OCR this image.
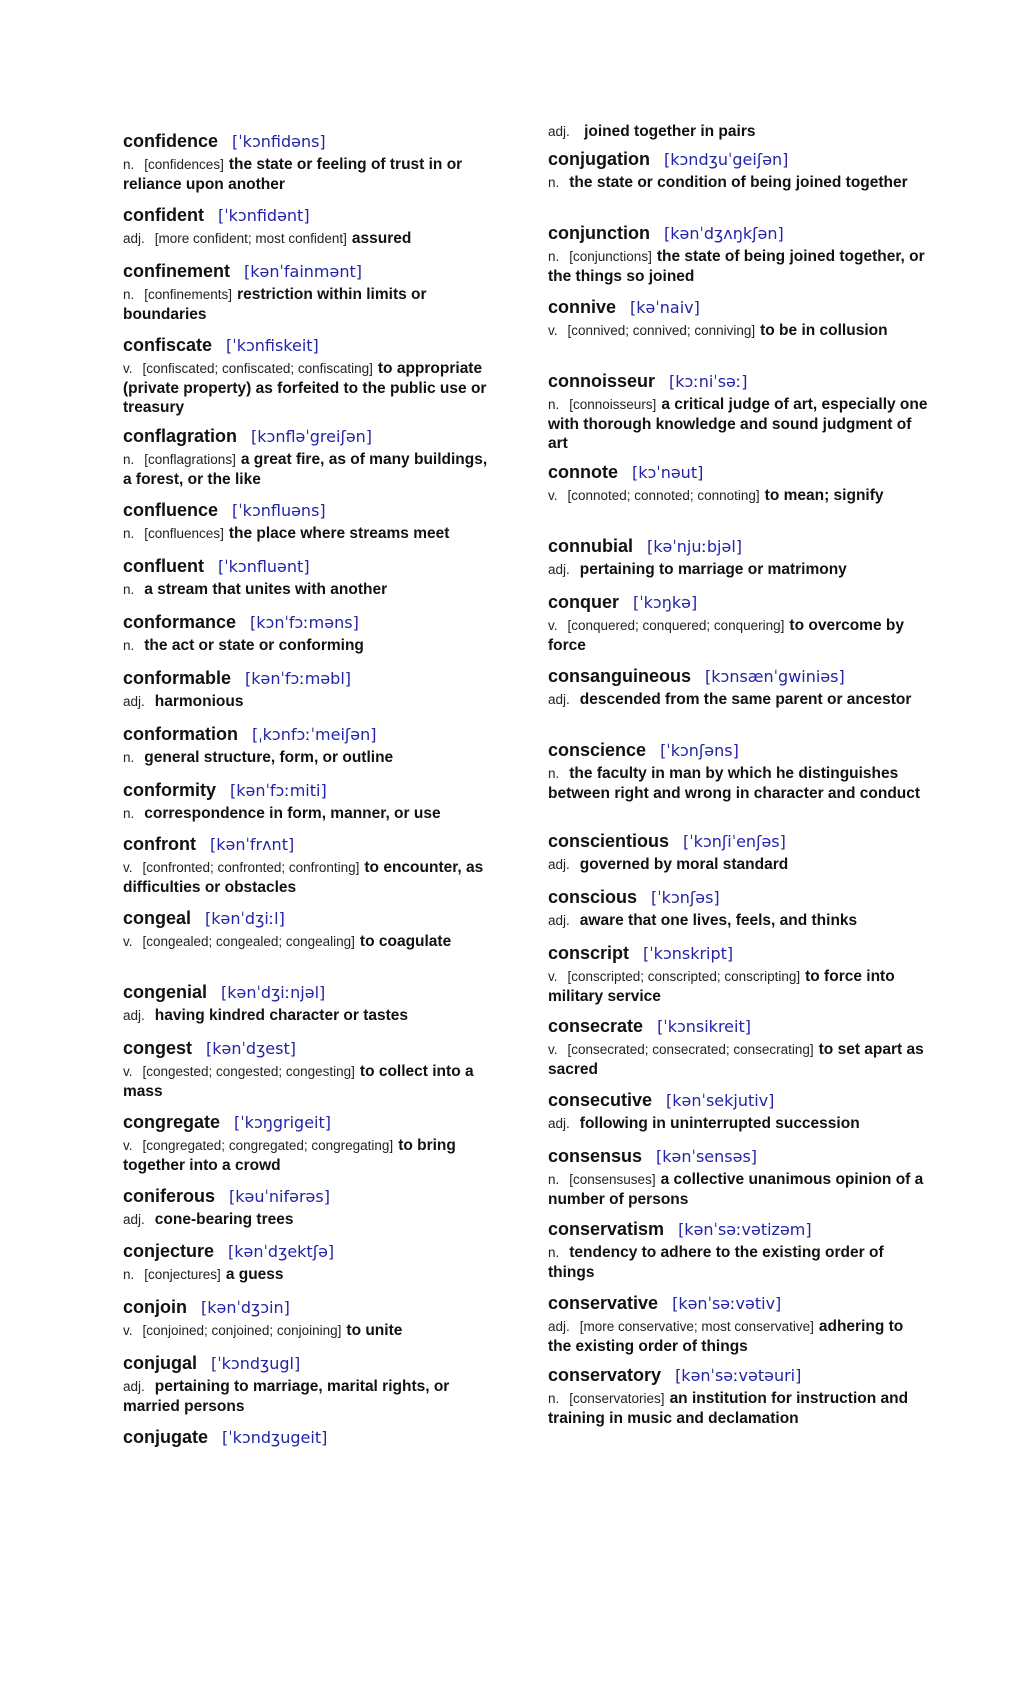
confidence [ˈkɔnfidəns]
n. [confidences] the state or feeling of trust in or reliance upon another
confident [ˈkɔnfidənt]
adj. [more confident; most confident] assured
confinement [kənˈfainmənt]
n. [confinements] restriction within limits or boundaries
confiscate [ˈkɔnfiskeit]
v. [confiscated; confiscated; confiscating] to appropriate (private property) as forfeited to the public use or treasury
conflagration [kɔnfləˈgreiʃən]
n. [conflagrations] a great fire, as of many buildings, a forest, or the like
confluence [ˈkɔnfluəns]
n. [confluences] the place where streams meet
confluent [ˈkɔnfluənt]
n. a stream that unites with another
conformance [kɔnˈfɔːməns]
n. the act or state or conforming
conformable [kənˈfɔːməbl]
adj. harmonious
conformation [ˌkɔnfɔːˈmeiʃən]
n. general structure, form, or outline
conformity [kənˈfɔːmiti]
n. correspondence in form, manner, or use
confront [kənˈfrʌnt]
v. [confronted; confronted; confronting] to encounter, as difficulties or obstacles
congeal [kənˈdʒiːl]
v. [congealed; congealed; congealing] to coagulate
congenial [kənˈdʒiːnjəl]
adj. having kindred character or tastes
congest [kənˈdʒest]
v. [congested; congested; congesting] to collect into a mass
congregate [ˈkɔŋgrigeit]
v. [congregated; congregated; congregating] to bring together into a crowd
coniferous [kəuˈnifərəs]
adj. cone-bearing trees
conjecture [kənˈdʒektʃə]
n. [conjectures] a guess
conjoin [kənˈdʒɔin]
v. [conjoined; conjoined; conjoining] to unite
conjugal [ˈkɔndʒugl]
adj. pertaining to marriage, marital rights, or married persons
conjugate [ˈkɔndʒugeit]
adj. joined together in pairs
conjugation [kɔndʒuˈgeiʃən]
n. the state or condition of being joined together
conjunction [kənˈdʒʌŋkʃən]
n. [conjunctions] the state of being joined together, or the things so joined
connive [kəˈnaiv]
v. [connived; connived; conniving] to be in collusion
connoisseur [kɔːniˈsəː]
n. [connoisseurs] a critical judge of art, especially one with thorough knowledge and sound judgment of art
connote [kɔˈnəut]
v. [connoted; connoted; connoting] to mean; signify
connubial [kəˈnjuːbjəl]
adj. pertaining to marriage or matrimony
conquer [ˈkɔŋkə]
v. [conquered; conquered; conquering] to overcome by force
consanguineous [kɔnsænˈgwiniəs]
adj. descended from the same parent or ancestor
conscience [ˈkɔnʃəns]
n. the faculty in man by which he distinguishes between right and wrong in character and conduct
conscientious [ˈkɔnʃiˈenʃəs]
adj. governed by moral standard
conscious [ˈkɔnʃəs]
adj. aware that one lives, feels, and thinks
conscript [ˈkɔnskript]
v. [conscripted; conscripted; conscripting] to force into military service
consecrate [ˈkɔnsikreit]
v. [consecrated; consecrated; consecrating] to set apart as sacred
consecutive [kənˈsekjutiv]
adj. following in uninterrupted succession
consensus [kənˈsensəs]
n. [consensuses] a collective unanimous opinion of a number of persons
conservatism [kənˈsəːvətizəm]
n. tendency to adhere to the existing order of things
conservative [kənˈsəːvətiv]
adj. [more conservative; most conservative] adhering to the existing order of things
conservatory [kənˈsəːvətəuri]
n. [conservatories] an institution for instruction and training in music and declamation
